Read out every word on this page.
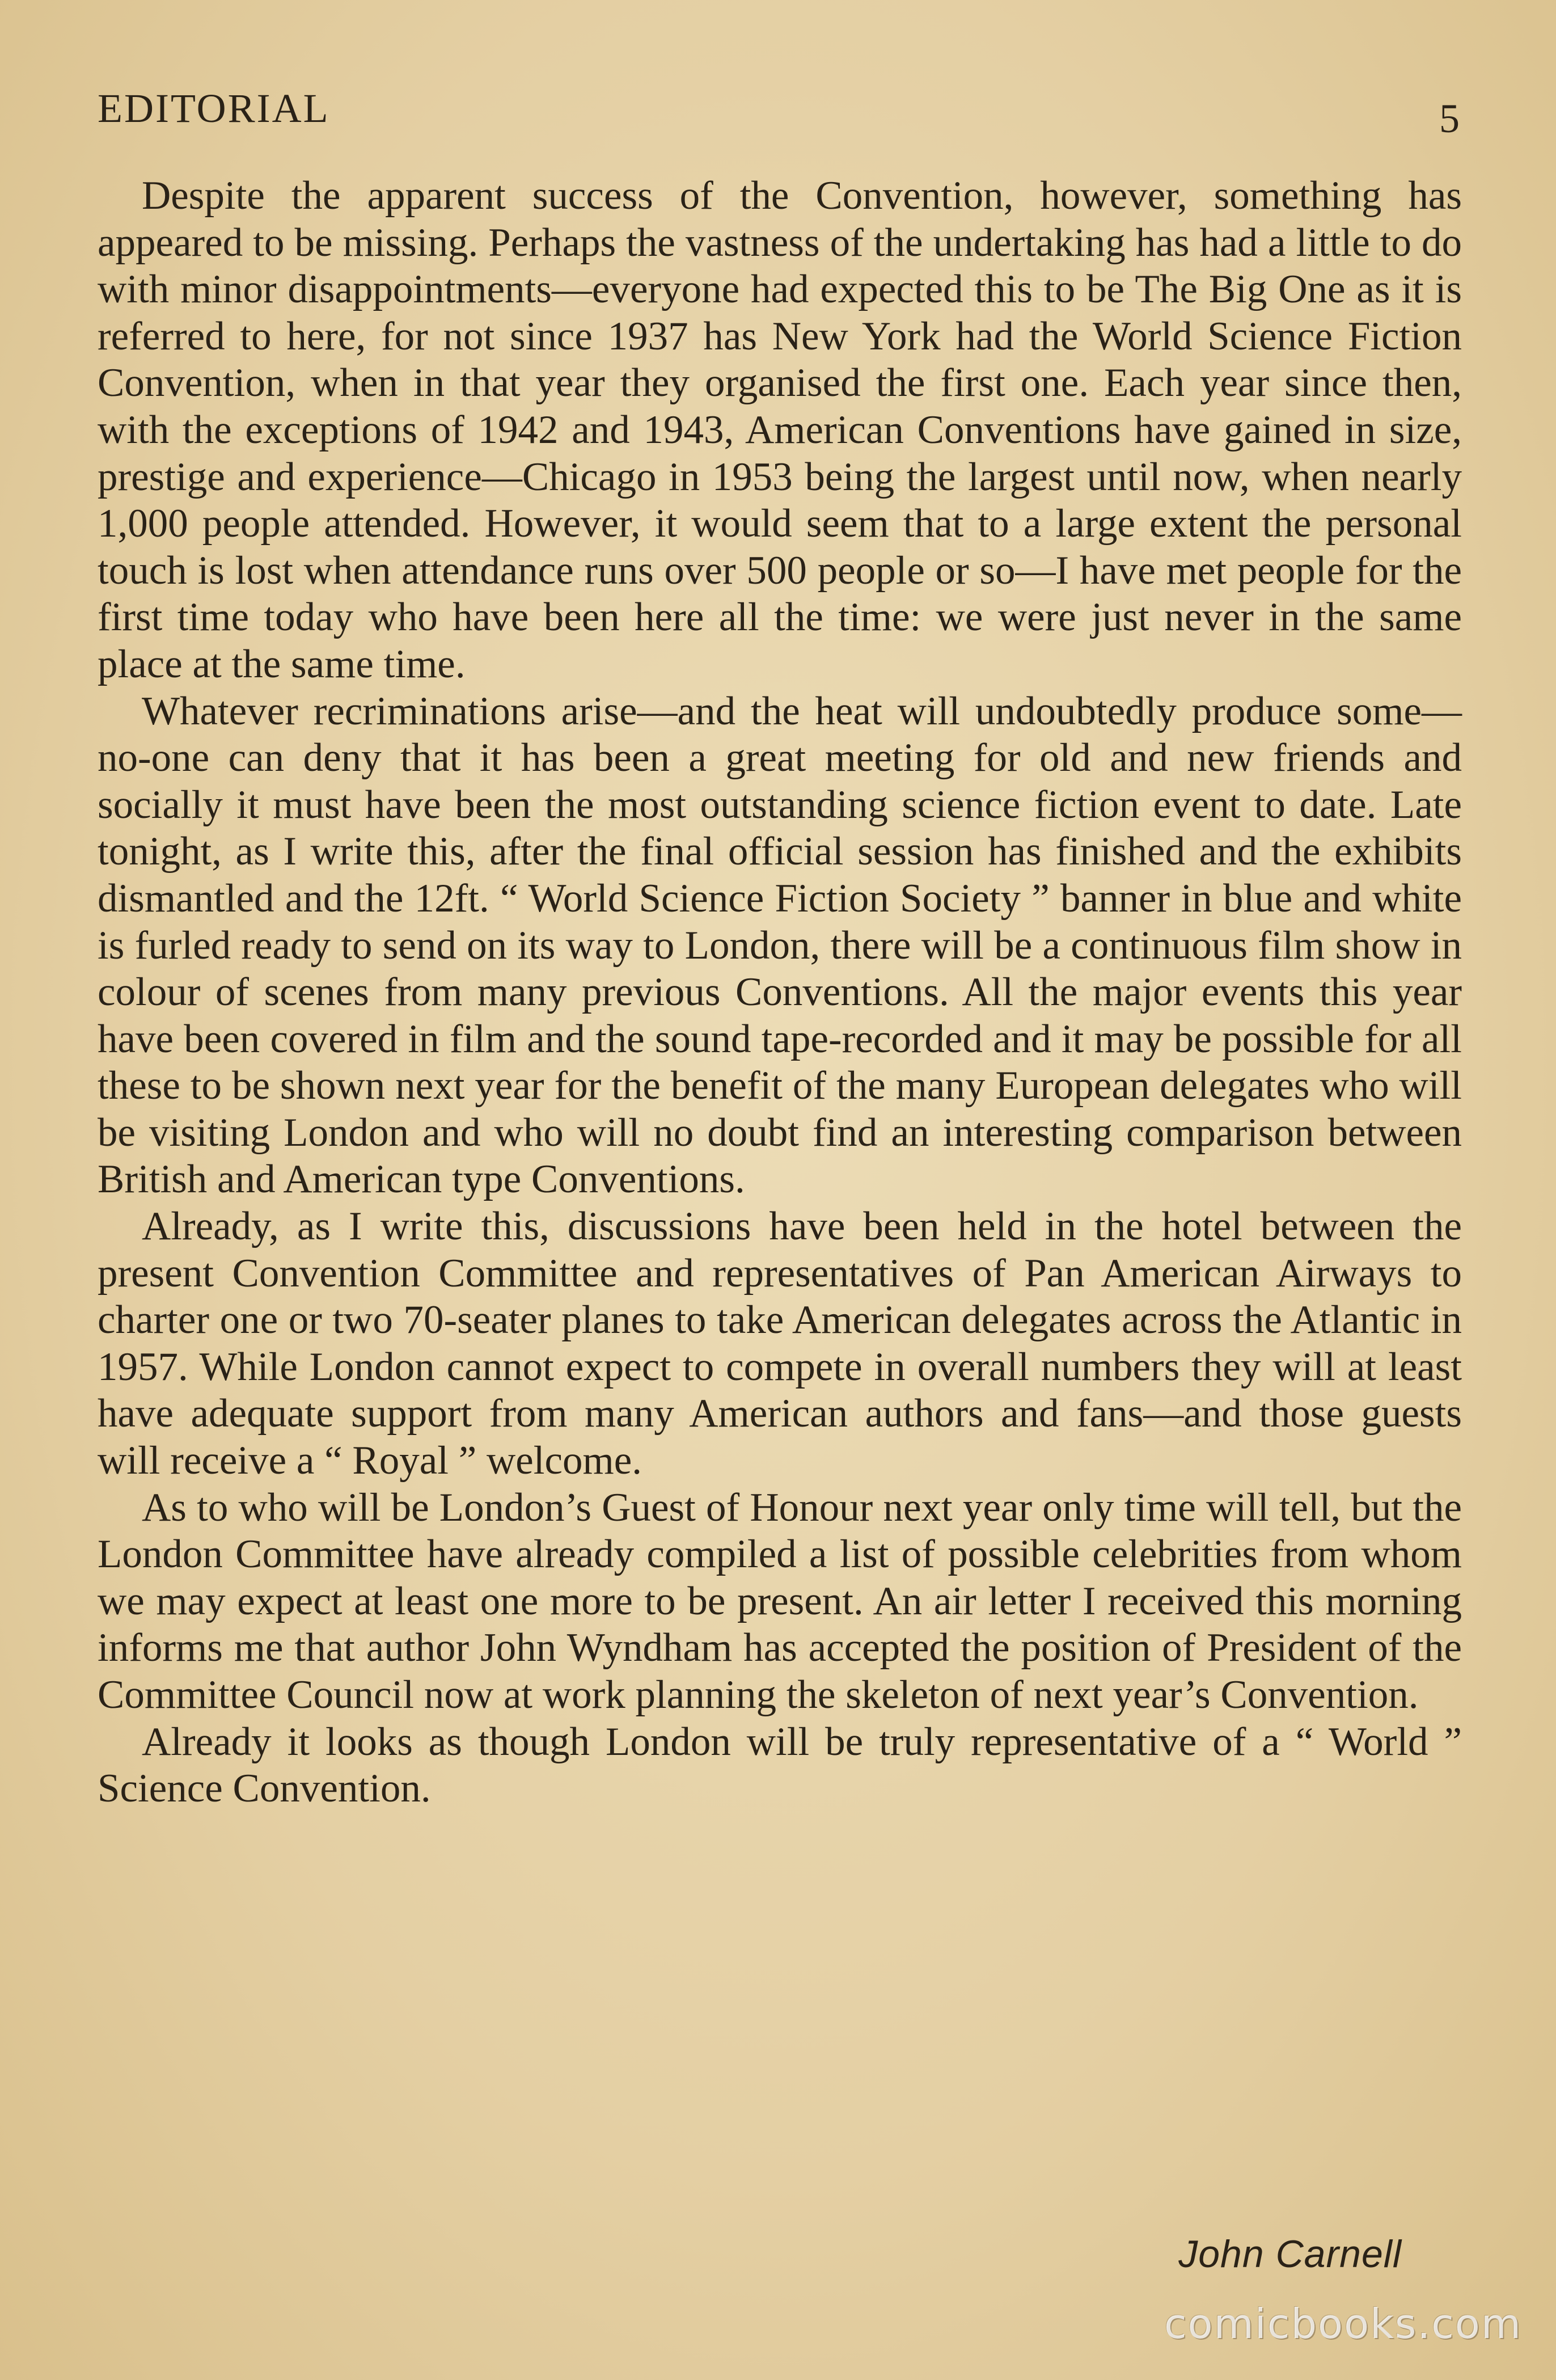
EDITORIAL	5

Despite the apparent success of the Convention, however, something has appeared to be missing. Perhaps the vastness of the undertaking has had a little to do with minor disappointments—everyone had expected this to be The Big One as it is referred to here, for not since 1937 has New York had the World Science Fiction Convention, when in that year they organised the first one. Each year since then, with the exceptions of 1942 and 1943, American Conventions have gained in size, prestige and experience—Chicago in 1953 being the largest until now, when nearly 1,000 people attended. However, it would seem that to a large extent the personal touch is lost when attendance runs over 500 people or so—I have met people for the first time today who have been here all the time: we were just never in the same place at the same time.

Whatever recriminations arise—and the heat will undoubtedly produce some—no-one can deny that it has been a great meeting for old and new friends and socially it must have been the most outstanding science fiction event to date. Late tonight, as I write this, after the final official session has finished and the exhibits dismantled and the 12ft. “ World Science Fiction Society ” banner in blue and white is furled ready to send on its way to London, there will be a continuous film show in colour of scenes from many previous Conventions. All the major events this year have been covered in film and the sound tape-recorded and it may be possible for all these to be shown next year for the benefit of the many European delegates who will be visiting London and who will no doubt find an interesting comparison between British and American type Conventions.

Already, as I write this, discussions have been held in the hotel between the present Convention Committee and representatives of Pan American Airways to charter one or two 70-seater planes to take American delegates across the Atlantic in 1957. While London cannot expect to compete in overall numbers they will at least have adequate support from many American authors and fans—and those guests will receive a “ Royal ” welcome.

As to who will be London’s Guest of Honour next year only time will tell, but the London Committee have already compiled a list of possible celebrities from whom we may expect at least one more to be present. An air letter I received this morning informs me that author John Wyndham has accepted the position of President of the Committee Council now at work planning the skeleton of next year’s Convention.

Already it looks as though London will be truly representative of a “ World ” Science Convention.

John Carnell
comicbooks.com
